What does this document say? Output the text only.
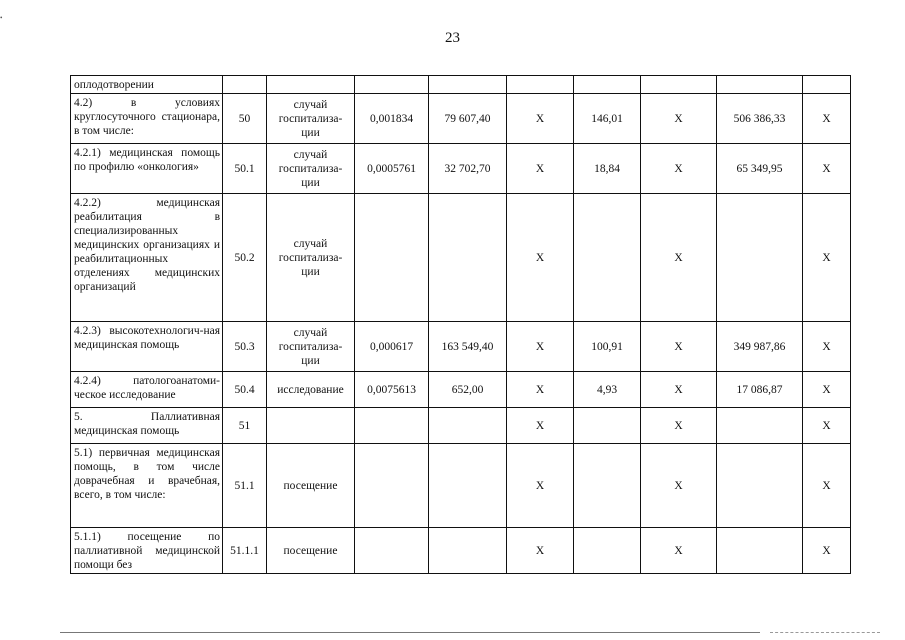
•
23
оплодотворении									
4.2) в условиях круглосуточного стационара, в том числе:	50	случай госпитализа-ции	0,001834	79 607,40	X	146,01	X	506 386,33	X
4.2.1) медицинская помощь по профилю «онкология»	50.1	случай госпитализа-ции	0,0005761	32 702,70	X	18,84	X	65 349,95	X
4.2.2) медицинская реабилитация в специализированных медицинских организациях и реабилитационных отделениях медицинских организаций	50.2	случай госпитализа-ции			X		X		X
4.2.3) высокотехнологич-ная медицинская помощь	50.3	случай госпитализа-ции	0,000617	163 549,40	X	100,91	X	349 987,86	X
4.2.4) патологоанатоми-ческое исследование	50.4	исследование	0,0075613	652,00	X	4,93	X	17 086,87	X
5. Паллиативная медицинская помощь	51				X		X		X
5.1) первичная медицинская помощь, в том числе доврачебная и врачебная, всего, в том числе:	51.1	посещение			X		X		X
5.1.1) посещение по паллиативной медицинской помощи без	51.1.1	посещение			X		X		X
